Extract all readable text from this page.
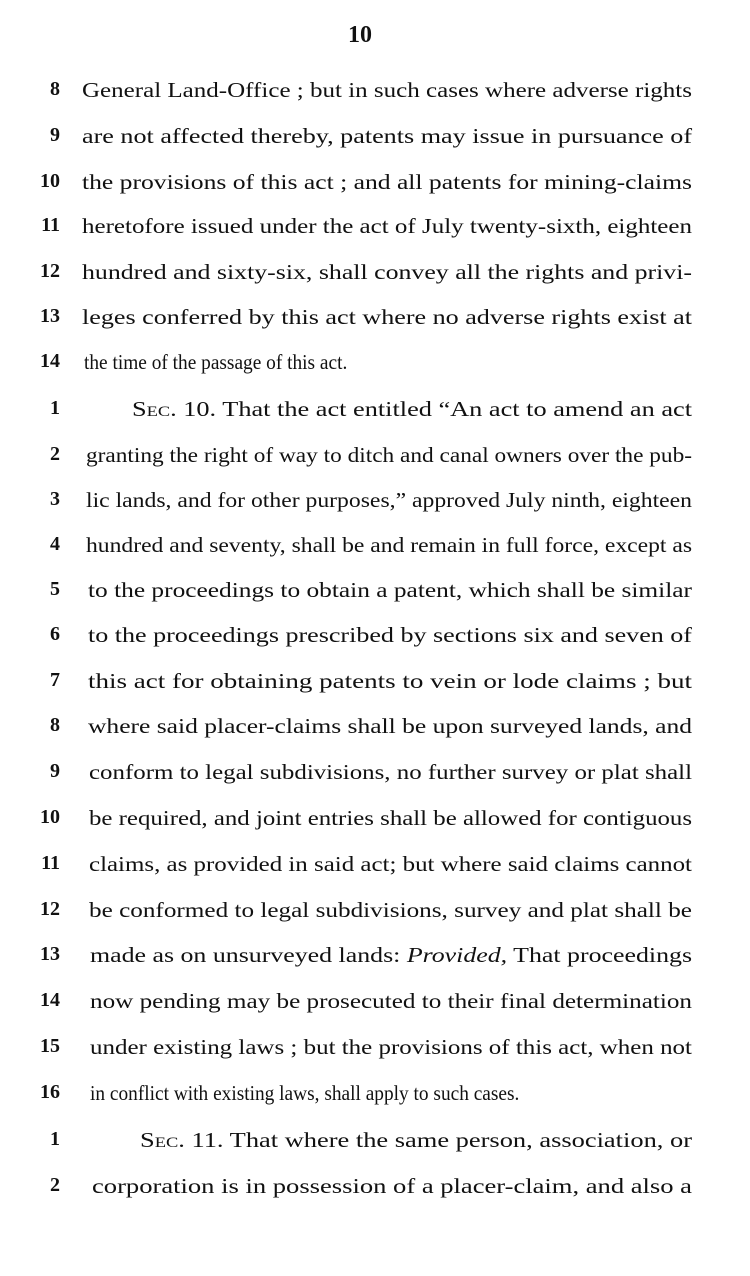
10
8 General Land-Office ; but in such cases where adverse rights
9 are not affected thereby, patents may issue in pursuance of
10 the provisions of this act ; and all patents for mining-claims
11 heretofore issued under the act of July twenty-sixth, eighteen
12 hundred and sixty-six, shall convey all the rights and privi-
13 leges conferred by this act where no adverse rights exist at
14 the time of the passage of this act.
1	Sec. 10. That the act entitled “An act to amend an act
2 granting the right of way to ditch and canal owners over the pub-
3 lic lands, and for other purposes,” approved July ninth, eighteen
4 hundred and seventy, shall be and remain in full force, except as
5 to the proceedings to obtain a patent, which shall be similar
6 to the proceedings prescribed by sections six and seven of
7 this act for obtaining patents to vein or lode claims ; but
8 where said placer-claims shall be upon surveyed lands, and
9 conform to legal subdivisions, no further survey or plat shall
10 be required, and joint entries shall be allowed for contiguous
11 claims, as provided in said act; but where said claims cannot
12 be conformed to legal subdivisions, survey and plat shall be
13 made as on unsurveyed lands: Provided, That proceedings
14 now pending may be prosecuted to their final determination
15 under existing laws ; but the provisions of this act, when not
16 in conflict with existing laws, shall apply to such cases.
1	Sec. 11. That where the same person, association, or
2 corporation is in possession of a placer-claim, and also a
